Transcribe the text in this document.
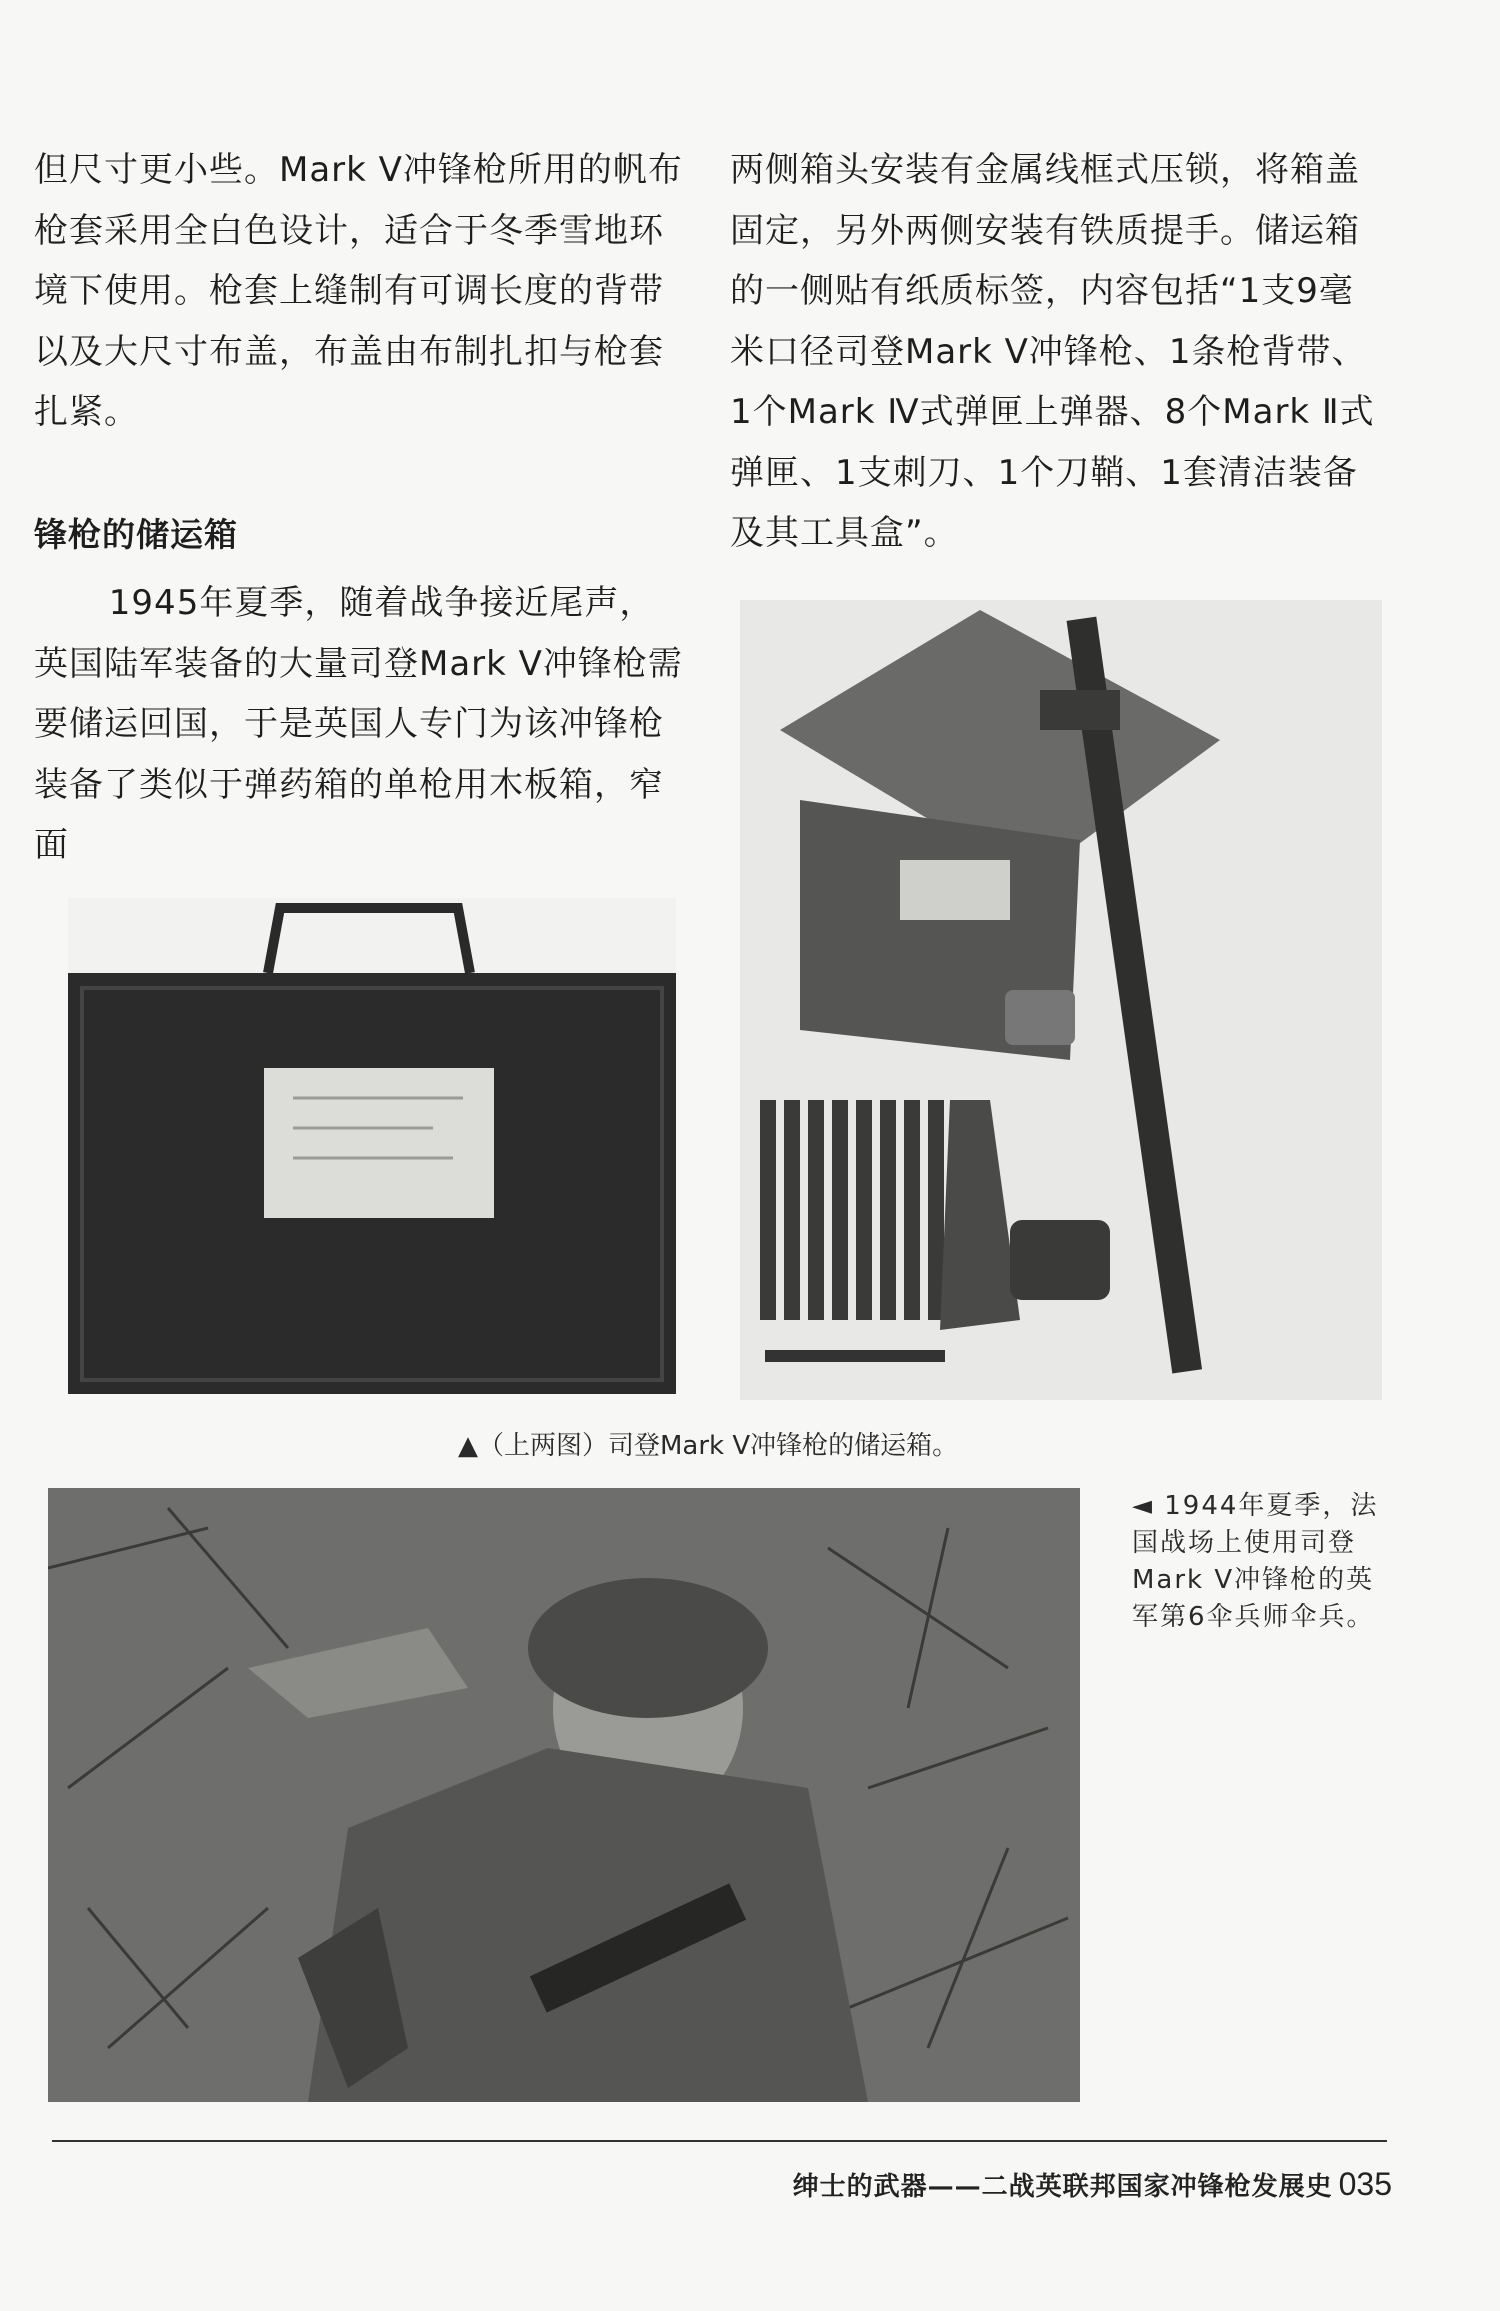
但尺寸更小些。Mark Ⅴ冲锋枪所用的帆布枪套采用全白色设计，适合于冬季雪地环境下使用。枪套上缝制有可调长度的背带以及大尺寸布盖，布盖由布制扎扣与枪套扎紧。

锋枪的储运箱

1945年夏季，随着战争接近尾声，英国陆军装备的大量司登Mark Ⅴ冲锋枪需要储运回国，于是英国人专门为该冲锋枪装备了类似于弹药箱的单枪用木板箱，窄面

两侧箱头安装有金属线框式压锁，将箱盖固定，另外两侧安装有铁质提手。储运箱的一侧贴有纸质标签，内容包括“1支9毫米口径司登Mark Ⅴ冲锋枪、1条枪背带、1个Mark Ⅳ式弹匣上弹器、8个Mark Ⅱ式弹匣、1支刺刀、1个刀鞘、1套清洁装备及其工具盒”。

▲（上两图）司登Mark Ⅴ冲锋枪的储运箱。
◄ 1944年夏季，法国战场上使用司登Mark Ⅴ冲锋枪的英军第6伞兵师伞兵。
绅士的武器——二战英联邦国家冲锋枪发展史 035
